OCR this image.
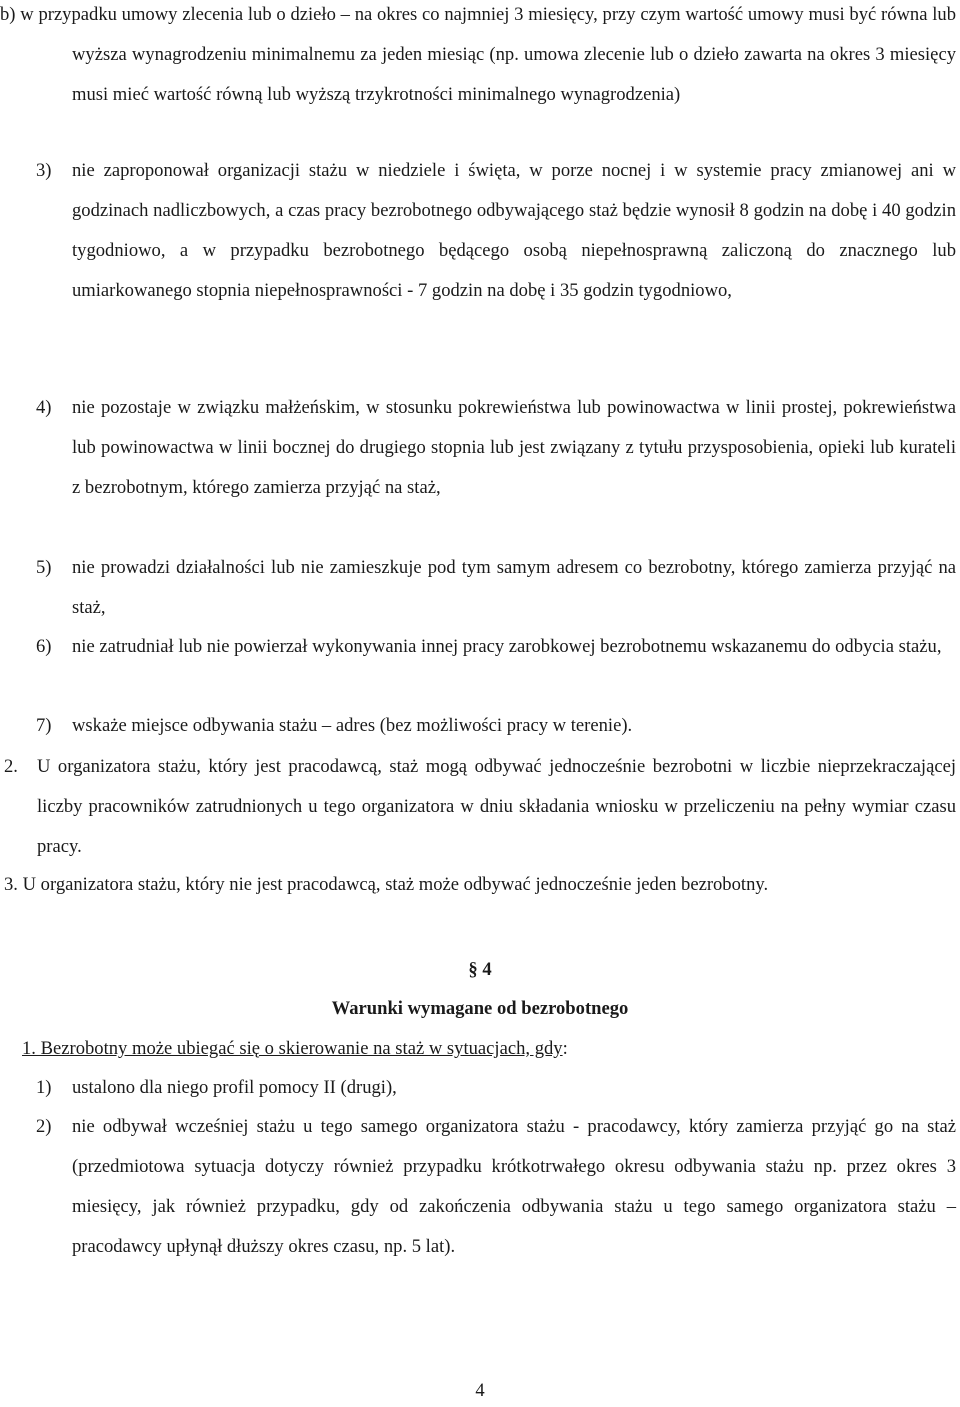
b) w przypadku umowy zlecenia lub o dzieło – na okres co najmniej 3 miesięcy, przy czym wartość umowy musi być równa lub wyższa wynagrodzeniu minimalnemu za jeden miesiąc (np. umowa zlecenie lub o dzieło zawarta na okres 3 miesięcy musi mieć wartość równą lub wyższą trzykrotności minimalnego wynagrodzenia)

3) nie zaproponował organizacji stażu w niedziele i święta, w porze nocnej i w systemie pracy zmianowej ani w godzinach nadliczbowych, a czas pracy bezrobotnego odbywającego staż będzie wynosił 8 godzin na dobę i 40 godzin tygodniowo, a w przypadku bezrobotnego będącego osobą niepełnosprawną zaliczoną do znacznego lub umiarkowanego stopnia niepełnosprawności - 7 godzin na dobę i 35 godzin tygodniowo,

4) nie pozostaje w związku małżeńskim, w stosunku pokrewieństwa lub powinowactwa w linii prostej, pokrewieństwa lub powinowactwa w linii bocznej do drugiego stopnia lub jest związany z tytułu przysposobienia, opieki lub kurateli z bezrobotnym, którego zamierza przyjąć na staż,

5) nie prowadzi działalności lub nie zamieszkuje pod tym samym adresem co bezrobotny, którego zamierza przyjąć na staż,

6) nie zatrudniał lub nie powierzał wykonywania innej pracy zarobkowej bezrobotnemu wskazanemu do odbycia stażu,

7) wskaże miejsce odbywania stażu – adres (bez możliwości pracy w terenie).

2. U organizatora stażu, który jest pracodawcą, staż mogą odbywać jednocześnie bezrobotni w liczbie nieprzekraczającej liczby pracowników zatrudnionych u tego organizatora w dniu składania wniosku w przeliczeniu na pełny wymiar czasu pracy.

3. U organizatora stażu, który nie jest pracodawcą, staż może odbywać jednocześnie jeden bezrobotny.

§ 4
Warunki wymagane od bezrobotnego

1. Bezrobotny może ubiegać się o skierowanie na staż w sytuacjach, gdy:

1) ustalono dla niego profil pomocy II (drugi),

2) nie odbywał wcześniej stażu u tego samego organizatora stażu - pracodawcy, który zamierza przyjąć go na staż (przedmiotowa sytuacja dotyczy również przypadku krótkotrwałego okresu odbywania stażu np. przez okres 3 miesięcy, jak również przypadku, gdy od zakończenia odbywania stażu u tego samego organizatora stażu – pracodawcy upłynął dłuższy okres czasu, np. 5 lat).

4
